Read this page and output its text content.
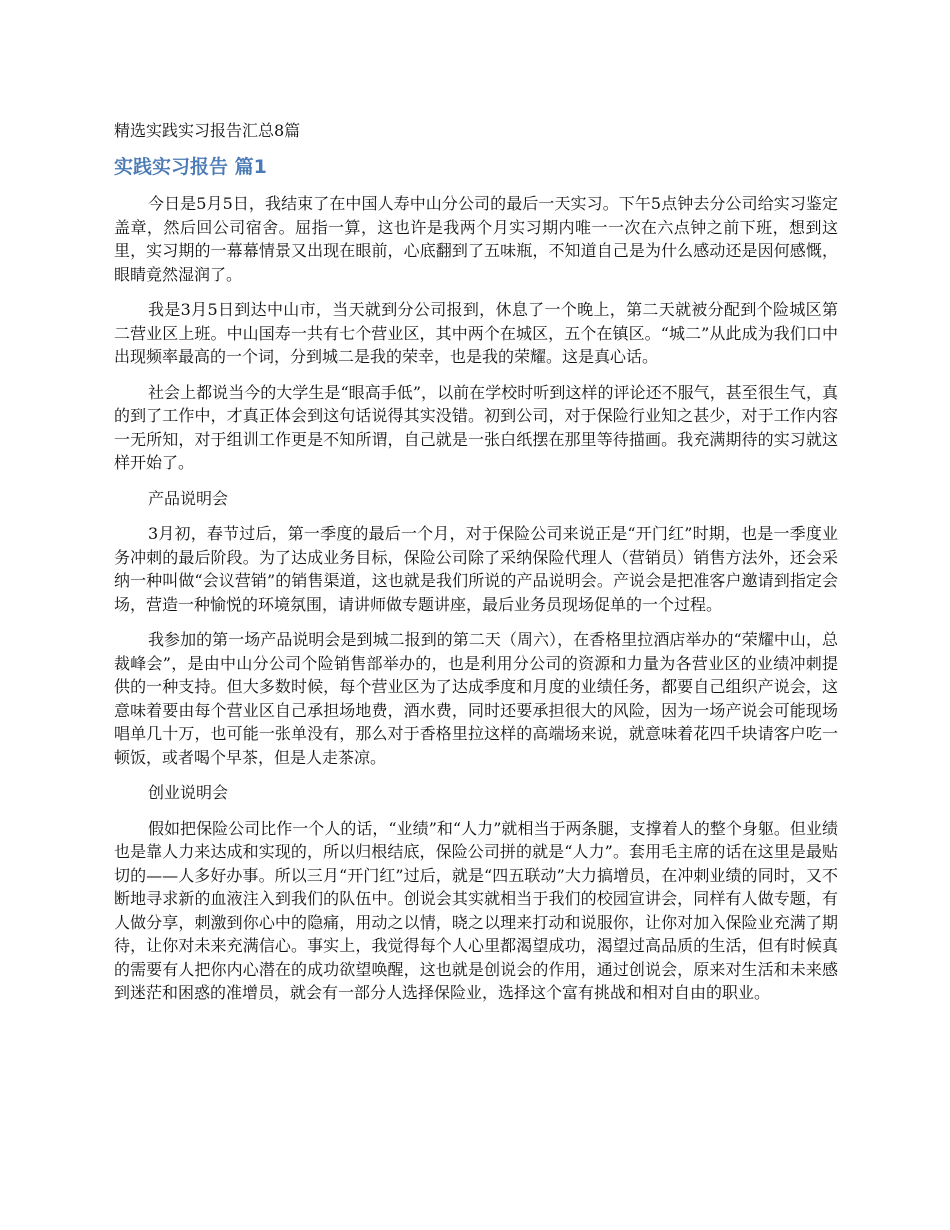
精选实践实习报告汇总8篇
实践实习报告 篇1

今日是5月5日，我结束了在中国人寿中山分公司的最后一天实习。下午5点钟去分公司给实习鉴定盖章，然后回公司宿舍。屈指一算，这也许是我两个月实习期内唯一一次在六点钟之前下班，想到这里，实习期的一幕幕情景又出现在眼前，心底翻到了五味瓶，不知道自己是为什么感动还是因何感慨，眼睛竟然湿润了。

我是3月5日到达中山市，当天就到分公司报到，休息了一个晚上，第二天就被分配到个险城区第二营业区上班。中山国寿一共有七个营业区，其中两个在城区，五个在镇区。“城二”从此成为我们口中出现频率最高的一个词，分到城二是我的荣幸，也是我的荣耀。这是真心话。

社会上都说当今的大学生是“眼高手低”，以前在学校时听到这样的评论还不服气，甚至很生气，真的到了工作中，才真正体会到这句话说得其实没错。初到公司，对于保险行业知之甚少，对于工作内容一无所知，对于组训工作更是不知所谓，自己就是一张白纸摆在那里等待描画。我充满期待的实习就这样开始了。

产品说明会

3月初，春节过后，第一季度的最后一个月，对于保险公司来说正是“开门红”时期，也是一季度业务冲刺的最后阶段。为了达成业务目标，保险公司除了采纳保险代理人（营销员）销售方法外，还会采纳一种叫做“会议营销”的销售渠道，这也就是我们所说的产品说明会。产说会是把准客户邀请到指定会场，营造一种愉悦的环境氛围，请讲师做专题讲座，最后业务员现场促单的一个过程。

我参加的第一场产品说明会是到城二报到的第二天（周六），在香格里拉酒店举办的“荣耀中山，总裁峰会”，是由中山分公司个险销售部举办的，也是利用分公司的资源和力量为各营业区的业绩冲刺提供的一种支持。但大多数时候，每个营业区为了达成季度和月度的业绩任务，都要自己组织产说会，这意味着要由每个营业区自己承担场地费，酒水费，同时还要承担很大的风险，因为一场产说会可能现场唱单几十万，也可能一张单没有，那么对于香格里拉这样的高端场来说，就意味着花四千块请客户吃一顿饭，或者喝个早茶，但是人走茶凉。

创业说明会

假如把保险公司比作一个人的话，“业绩”和“人力”就相当于两条腿，支撑着人的整个身躯。但业绩也是靠人力来达成和实现的，所以归根结底，保险公司拼的就是“人力”。套用毛主席的话在这里是最贴切的——人多好办事。所以三月“开门红”过后，就是“四五联动”大力搞增员，在冲刺业绩的同时，又不断地寻求新的血液注入到我们的队伍中。创说会其实就相当于我们的校园宣讲会，同样有人做专题，有人做分享，刺激到你心中的隐痛，用动之以情，晓之以理来打动和说服你，让你对加入保险业充满了期待，让你对未来充满信心。事实上，我觉得每个人心里都渴望成功，渴望过高品质的生活，但有时候真的需要有人把你内心潜在的成功欲望唤醒，这也就是创说会的作用，通过创说会，原来对生活和未来感到迷茫和困惑的准增员，就会有一部分人选择保险业，选择这个富有挑战和相对自由的职业。
